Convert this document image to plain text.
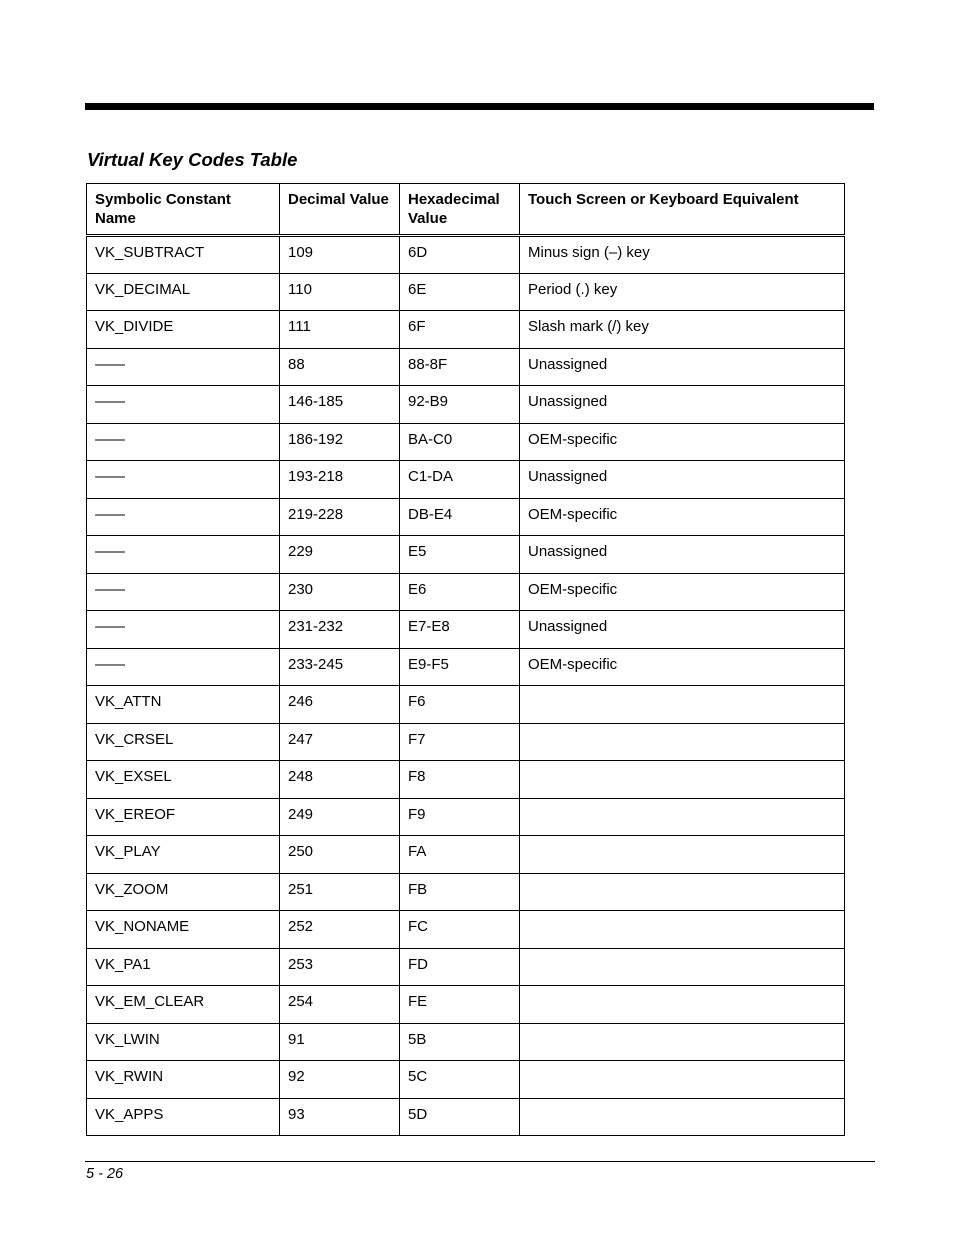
Virtual Key Codes Table
Symbolic Constant Name	Decimal Value	Hexadecimal Value	Touch Screen or Keyboard Equivalent
VK_SUBTRACT	109	6D	Minus sign (–) key
VK_DECIMAL	110	6E	Period (.) key
VK_DIVIDE	111	6F	Slash mark (/) key
——	88	88-8F	Unassigned
——	146-185	92-B9	Unassigned
——	186-192	BA-C0	OEM-specific
——	193-218	C1-DA	Unassigned
——	219-228	DB-E4	OEM-specific
——	229	E5	Unassigned
——	230	E6	OEM-specific
——	231-232	E7-E8	Unassigned
——	233-245	E9-F5	OEM-specific
VK_ATTN	246	F6	
VK_CRSEL	247	F7	
VK_EXSEL	248	F8	
VK_EREOF	249	F9	
VK_PLAY	250	FA	
VK_ZOOM	251	FB	
VK_NONAME	252	FC	
VK_PA1	253	FD	
VK_EM_CLEAR	254	FE	
VK_LWIN	91	5B	
VK_RWIN	92	5C	
VK_APPS	93	5D	
5 - 26
